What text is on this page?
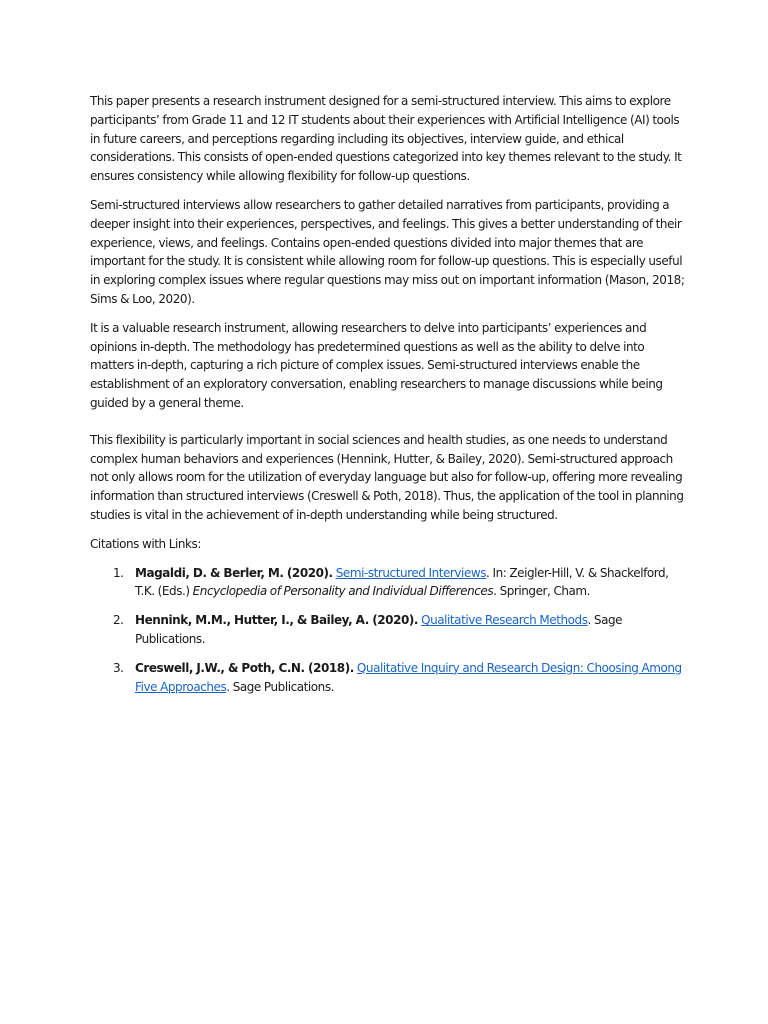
This paper presents a research instrument designed for a semi-structured interview. This aims to explore participants’ from Grade 11 and 12 IT students about their experiences with Artificial Intelligence (AI) tools in future careers, and perceptions regarding including its objectives, interview guide, and ethical considerations. This consists of open-ended questions categorized into key themes relevant to the study. It ensures consistency while allowing flexibility for follow-up questions.

Semi-structured interviews allow researchers to gather detailed narratives from participants, providing a deeper insight into their experiences, perspectives, and feelings. This gives a better understanding of their experience, views, and feelings. Contains open-ended questions divided into major themes that are important for the study. It is consistent while allowing room for follow-up questions. This is especially useful in exploring complex issues where regular questions may miss out on important information (Mason, 2018; Sims & Loo, 2020).

It is a valuable research instrument, allowing researchers to delve into participants’ experiences and opinions in-depth. The methodology has predetermined questions as well as the ability to delve into matters in-depth, capturing a rich picture of complex issues. Semi-structured interviews enable the establishment of an exploratory conversation, enabling researchers to manage discussions while being guided by a general theme.

This flexibility is particularly important in social sciences and health studies, as one needs to understand complex human behaviors and experiences (Hennink, Hutter, & Bailey, 2020). Semi-structured approach not only allows room for the utilization of everyday language but also for follow-up, offering more revealing information than structured interviews (Creswell & Poth, 2018). Thus, the application of the tool in planning studies is vital in the achievement of in-depth understanding while being structured.

Citations with Links:

1. Magaldi, D. & Berler, M. (2020). Semi-structured Interviews. In: Zeigler-Hill, V. & Shackelford, T.K. (Eds.) Encyclopedia of Personality and Individual Differences. Springer, Cham.
2. Hennink, M.M., Hutter, I., & Bailey, A. (2020). Qualitative Research Methods. Sage Publications.
3. Creswell, J.W., & Poth, C.N. (2018). Qualitative Inquiry and Research Design: Choosing Among Five Approaches. Sage Publications.
